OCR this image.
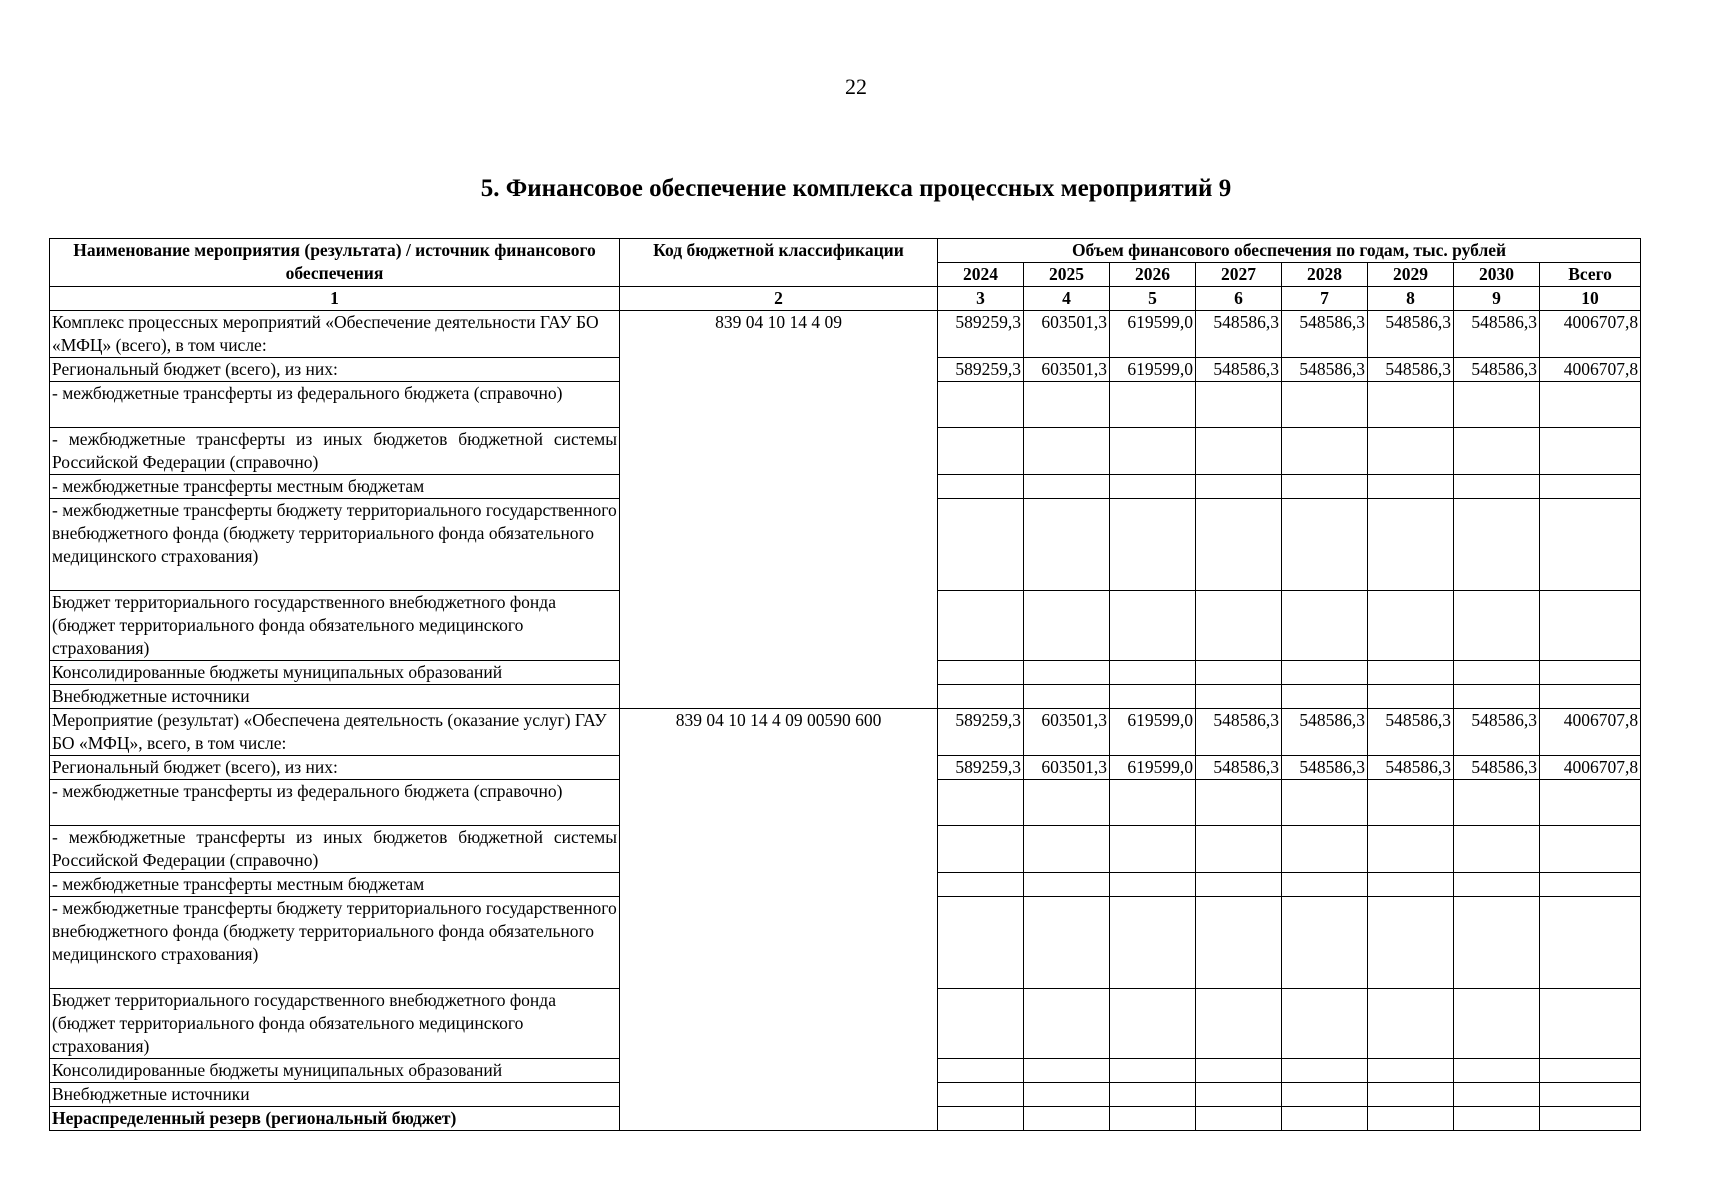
22
5. Финансовое обеспечение комплекса процессных мероприятий 9
Наименование мероприятия (результата) / источник финансового обеспечения	Код бюджетной классификации	Объем финансового обеспечения по годам, тыс. рублей							
		2024	2025	2026	2027	2028	2029	2030	Всего
1	2	3	4	5	6	7	8	9	10
Комплекс процессных мероприятий «Обеспечение деятельности ГАУ БО «МФЦ» (всего), в том числе:	839 04 10 14 4 09	589259,3	603501,3	619599,0	548586,3	548586,3	548586,3	548586,3	4006707,8
Региональный бюджет (всего), из них:		589259,3	603501,3	619599,0	548586,3	548586,3	548586,3	548586,3	4006707,8
- межбюджетные трансферты из федерального бюджета (справочно)									
- межбюджетные трансферты из иных бюджетов бюджетной системы Российской Федерации (справочно)									
- межбюджетные трансферты местным бюджетам									
- межбюджетные трансферты бюджету территориального государственного внебюджетного фонда (бюджету территориального фонда обязательного медицинского страхования)									
Бюджет территориального государственного внебюджетного фонда (бюджет территориального фонда обязательного медицинского страхования)									
Консолидированные бюджеты муниципальных образований									
Внебюджетные источники									
Мероприятие (результат) «Обеспечена деятельность (оказание услуг) ГАУ БО «МФЦ», всего, в том числе:	839 04 10 14 4 09 00590 600	589259,3	603501,3	619599,0	548586,3	548586,3	548586,3	548586,3	4006707,8
Региональный бюджет (всего), из них:		589259,3	603501,3	619599,0	548586,3	548586,3	548586,3	548586,3	4006707,8
- межбюджетные трансферты из федерального бюджета (справочно)									
- межбюджетные трансферты из иных бюджетов бюджетной системы Российской Федерации (справочно)									
- межбюджетные трансферты местным бюджетам									
- межбюджетные трансферты бюджету территориального государственного внебюджетного фонда (бюджету территориального фонда обязательного медицинского страхования)									
Бюджет территориального государственного внебюджетного фонда (бюджет территориального фонда обязательного медицинского страхования)									
Консолидированные бюджеты муниципальных образований									
Внебюджетные источники									
Нераспределенный резерв (региональный бюджет)									
